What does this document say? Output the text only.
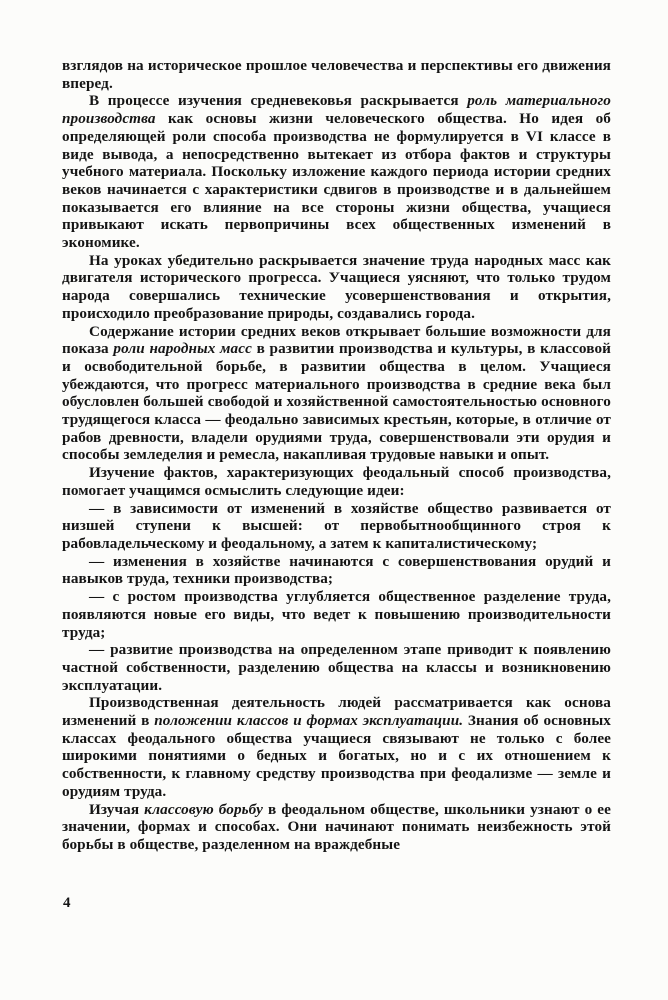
взглядов на историческое прошлое человечества и перспективы его движения вперед.

В процессе изучения средневековья раскрывается роль материального производства как основы жизни человеческого общества. Но идея об определяющей роли способа производства не формулируется в VI классе в виде вывода, а непосредственно вытекает из отбора фактов и структуры учебного материала. Поскольку изложение каждого периода истории средних веков начинается с характеристики сдвигов в производстве и в дальнейшем показывается его влияние на все стороны жизни общества, учащиеся привыкают искать первопричины всех общественных изменений в экономике.

На уроках убедительно раскрывается значение труда народных масс как двигателя исторического прогресса. Учащиеся уясняют, что только трудом народа совершались технические усовершенствования и открытия, происходило преобразование природы, создавались города.

Содержание истории средних веков открывает большие возможности для показа роли народных масс в развитии производства и культуры, в классовой и освободительной борьбе, в развитии общества в целом. Учащиеся убеждаются, что прогресс материального производства в средние века был обусловлен большей свободой и хозяйственной самостоятельностью основного трудящегося класса — феодально зависимых крестьян, которые, в отличие от рабов древности, владели орудиями труда, совершенствовали эти орудия и способы земледелия и ремесла, накапливая трудовые навыки и опыт.

Изучение фактов, характеризующих феодальный способ производства, помогает учащимся осмыслить следующие идеи:

— в зависимости от изменений в хозяйстве общество развивается от низшей ступени к высшей: от первобытнообщинного строя к рабовладельческому и феодальному, а затем к капиталистическому;

— изменения в хозяйстве начинаются с совершенствования орудий и навыков труда, техники производства;

— с ростом производства углубляется общественное разделение труда, появляются новые его виды, что ведет к повышению производительности труда;

— развитие производства на определенном этапе приводит к появлению частной собственности, разделению общества на классы и возникновению эксплуатации.

Производственная деятельность людей рассматривается как основа изменений в положении классов и формах эксплуатации. Знания об основных классах феодального общества учащиеся связывают не только с более широкими понятиями о бедных и богатых, но и с их отношением к собственности, к главному средству производства при феодализме — земле и орудиям труда.

Изучая классовую борьбу в феодальном обществе, школьники узнают о ее значении, формах и способах. Они начинают понимать неизбежность этой борьбы в обществе, разделенном на враждебные

4
